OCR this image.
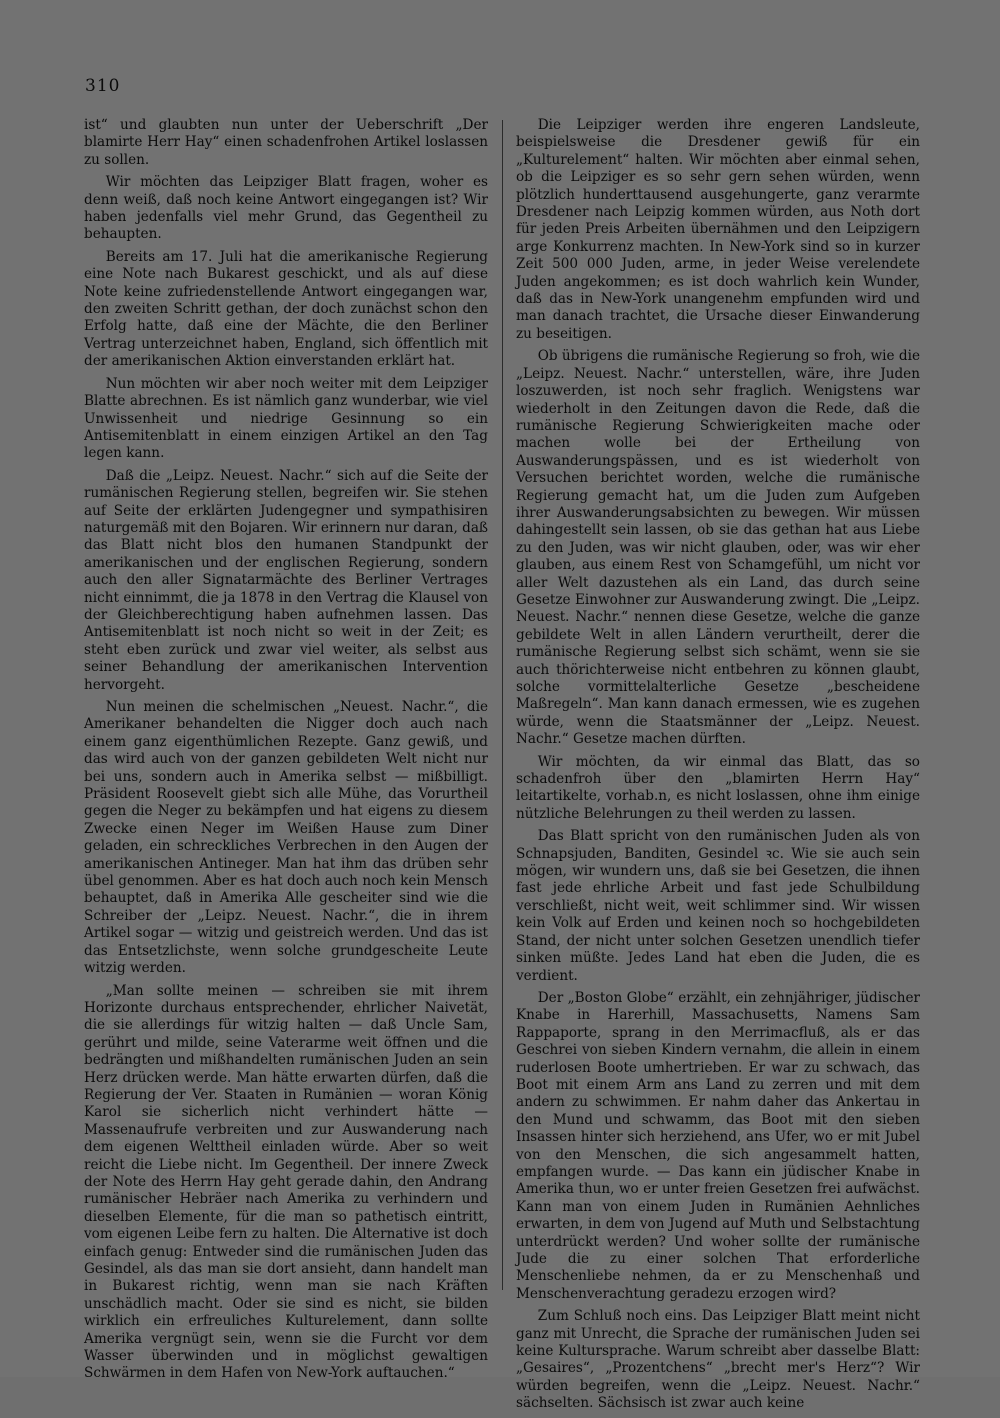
310

ist“ und glaubten nun unter der Ueberschrift „Der blamirte Herr Hay“ einen schadenfrohen Artikel loslassen zu sollen.

Wir möchten das Leipziger Blatt fragen, woher es denn weiß, daß noch keine Antwort eingegangen ist? Wir haben jedenfalls viel mehr Grund, das Gegentheil zu behaupten.

Bereits am 17. Juli hat die amerikanische Regierung eine Note nach Bukarest geschickt, und als auf diese Note keine zufriedenstellende Antwort eingegangen war, den zweiten Schritt gethan, der doch zunächst schon den Erfolg hatte, daß eine der Mächte, die den Berliner Vertrag unterzeichnet haben, England, sich öffentlich mit der amerikanischen Aktion einverstanden erklärt hat.

Nun möchten wir aber noch weiter mit dem Leipziger Blatte abrechnen. Es ist nämlich ganz wunderbar, wie viel Unwissenheit und niedrige Gesinnung so ein Antisemitenblatt in einem einzigen Artikel an den Tag legen kann.

Daß die „Leipz. Neuest. Nachr.“ sich auf die Seite der rumänischen Regierung stellen, begreifen wir. Sie stehen auf Seite der erklärten Judengegner und sympathisiren naturgemäß mit den Bojaren. Wir erinnern nur daran, daß das Blatt nicht blos den humanen Standpunkt der amerikanischen und der englischen Regierung, sondern auch den aller Signatarmächte des Berliner Vertrages nicht einnimmt, die ja 1878 in den Vertrag die Klausel von der Gleichberechtigung haben aufnehmen lassen. Das Antisemitenblatt ist noch nicht so weit in der Zeit; es steht eben zurück und zwar viel weiter, als selbst aus seiner Behandlung der amerikanischen Intervention hervorgeht.

Nun meinen die schelmischen „Neuest. Nachr.“, die Amerikaner behandelten die Nigger doch auch nach einem ganz eigenthümlichen Rezepte. Ganz gewiß, und das wird auch von der ganzen gebildeten Welt nicht nur bei uns, sondern auch in Amerika selbst — mißbilligt. Präsident Roosevelt giebt sich alle Mühe, das Vorurtheil gegen die Neger zu bekämpfen und hat eigens zu diesem Zwecke einen Neger im Weißen Hause zum Diner geladen, ein schreckliches Verbrechen in den Augen der amerikanischen Antineger. Man hat ihm das drüben sehr übel genommen. Aber es hat doch auch noch kein Mensch behauptet, daß in Amerika Alle gescheiter sind wie die Schreiber der „Leipz. Neuest. Nachr.“, die in ihrem Artikel sogar — witzig und geistreich werden. Und das ist das Entsetzlichste, wenn solche grundgescheite Leute witzig werden.

„Man sollte meinen — schreiben sie mit ihrem Horizonte durchaus entsprechender, ehrlicher Naivetät, die sie allerdings für witzig halten — daß Uncle Sam, gerührt und milde, seine Vaterarme weit öffnen und die bedrängten und mißhandelten rumänischen Juden an sein Herz drücken werde. Man hätte erwarten dürfen, daß die Regierung der Ver. Staaten in Rumänien — woran König Karol sie sicherlich nicht verhindert hätte — Massenaufrufe verbreiten und zur Auswanderung nach dem eigenen Welttheil einladen würde. Aber so weit reicht die Liebe nicht. Im Gegentheil. Der innere Zweck der Note des Herrn Hay geht gerade dahin, den Andrang rumänischer Hebräer nach Amerika zu verhindern und dieselben Elemente, für die man so pathetisch eintritt, vom eigenen Leibe fern zu halten. Die Alternative ist doch einfach genug: Entweder sind die rumänischen Juden das Gesindel, als das man sie dort ansieht, dann handelt man in Bukarest richtig, wenn man sie nach Kräften unschädlich macht. Oder sie sind es nicht, sie bilden wirklich ein erfreuliches Kulturelement, dann sollte Amerika vergnügt sein, wenn sie die Furcht vor dem Wasser überwinden und in möglichst gewaltigen Schwärmen in dem Hafen von New-York auftauchen.“

Die Leipziger werden ihre engeren Landsleute, beispielsweise die Dresdener gewiß für ein „Kulturelement“ halten. Wir möchten aber einmal sehen, ob die Leipziger es so sehr gern sehen würden, wenn plötzlich hunderttausend ausgehungerte, ganz verarmte Dresdener nach Leipzig kommen würden, aus Noth dort für jeden Preis Arbeiten übernähmen und den Leipzigern arge Konkurrenz machten. In New-York sind so in kurzer Zeit 500 000 Juden, arme, in jeder Weise verelendete Juden angekommen; es ist doch wahrlich kein Wunder, daß das in New-York unangenehm empfunden wird und man danach trachtet, die Ursache dieser Einwanderung zu beseitigen.

Ob übrigens die rumänische Regierung so froh, wie die „Leipz. Neuest. Nachr.“ unterstellen, wäre, ihre Juden loszuwerden, ist noch sehr fraglich. Wenigstens war wiederholt in den Zeitungen davon die Rede, daß die rumänische Regierung Schwierigkeiten mache oder machen wolle bei der Ertheilung von Auswanderungspässen, und es ist wiederholt von Versuchen berichtet worden, welche die rumänische Regierung gemacht hat, um die Juden zum Aufgeben ihrer Auswanderungsabsichten zu bewegen. Wir müssen dahingestellt sein lassen, ob sie das gethan hat aus Liebe zu den Juden, was wir nicht glauben, oder, was wir eher glauben, aus einem Rest von Schamgefühl, um nicht vor aller Welt dazustehen als ein Land, das durch seine Gesetze Einwohner zur Auswanderung zwingt. Die „Leipz. Neuest. Nachr.“ nennen diese Gesetze, welche die ganze gebildete Welt in allen Ländern verurtheilt, derer die rumänische Regierung selbst sich schämt, wenn sie sie auch thörichterweise nicht entbehren zu können glaubt, solche vormittelalterliche Gesetze „bescheidene Maßregeln“. Man kann danach ermessen, wie es zugehen würde, wenn die Staatsmänner der „Leipz. Neuest. Nachr.“ Gesetze machen dürften.

Wir möchten, da wir einmal das Blatt, das so schadenfroh über den „blamirten Herrn Hay“ leitartikelte, vorhab.n, es nicht loslassen, ohne ihm einige nützliche Belehrungen zu theil werden zu lassen.

Das Blatt spricht von den rumänischen Juden als von Schnapsjuden, Banditen, Gesindel ꝛc. Wie sie auch sein mögen, wir wundern uns, daß sie bei Gesetzen, die ihnen fast jede ehrliche Arbeit und fast jede Schulbildung verschließt, nicht weit, weit schlimmer sind. Wir wissen kein Volk auf Erden und keinen noch so hochgebildeten Stand, der nicht unter solchen Gesetzen unendlich tiefer sinken müßte. Jedes Land hat eben die Juden, die es verdient.

Der „Boston Globe“ erzählt, ein zehnjähriger, jüdischer Knabe in Harerhill, Massachusetts, Namens Sam Rappaporte, sprang in den Merrimacfluß, als er das Geschrei von sieben Kindern vernahm, die allein in einem ruderlosen Boote umhertrieben. Er war zu schwach, das Boot mit einem Arm ans Land zu zerren und mit dem andern zu schwimmen. Er nahm daher das Ankertau in den Mund und schwamm, das Boot mit den sieben Insassen hinter sich herziehend, ans Ufer, wo er mit Jubel von den Menschen, die sich angesammelt hatten, empfangen wurde. — Das kann ein jüdischer Knabe in Amerika thun, wo er unter freien Gesetzen frei aufwächst. Kann man von einem Juden in Rumänien Aehnliches erwarten, in dem von Jugend auf Muth und Selbstachtung unterdrückt werden? Und woher sollte der rumänische Jude die zu einer solchen That erforderliche Menschenliebe nehmen, da er zu Menschenhaß und Menschenverachtung geradezu erzogen wird?

Zum Schluß noch eins. Das Leipziger Blatt meint nicht ganz mit Unrecht, die Sprache der rumänischen Juden sei keine Kultursprache. Warum schreibt aber dasselbe Blatt: „Gesaires“, „Prozentchens“ „brecht mer's Herz“? Wir würden begreifen, wenn die „Leipz. Neuest. Nachr.“ sächselten. Sächsisch ist zwar auch keine
